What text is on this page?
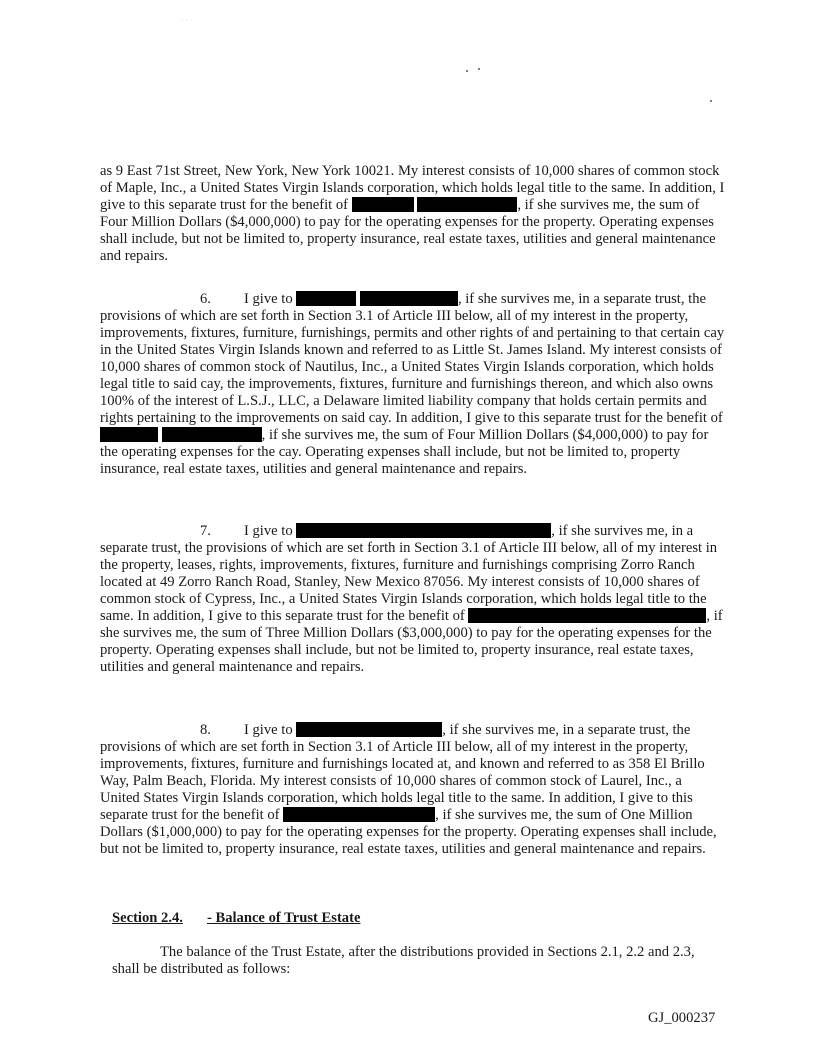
...

as 9 East 71st Street, New York, New York 10021. My interest consists of 10,000 shares of common stock of Maple, Inc., a United States Virgin Islands corporation, which holds legal title to the same. In addition, I give to this separate trust for the benefit of	, if she survives me, the sum of Four Million Dollars ($4,000,000) to pay for the operating expenses for the property. Operating expenses shall include, but not be limited to, property insurance, real estate taxes, utilities and general maintenance and repairs.

6. I give to	, if she survives me, in a separate trust, the provisions of which are set forth in Section 3.1 of Article III below, all of my interest in the property, improvements, fixtures, furniture, furnishings, permits and other rights of and pertaining to that certain cay in the United States Virgin Islands known and referred to as Little St. James Island. My interest consists of 10,000 shares of common stock of Nautilus, Inc., a United States Virgin Islands corporation, which holds legal title to said cay, the improvements, fixtures, furniture and furnishings thereon, and which also owns 100% of the interest of L.S.J., LLC, a Delaware limited liability company that holds certain permits and rights pertaining to the improvements on said cay. In addition, I give to this separate trust for the benefit of  , if she survives me, the sum of Four Million Dollars ($4,000,000) to pay for the operating expenses for the cay. Operating expenses shall include, but not be limited to, property insurance, real estate taxes, utilities and general maintenance and repairs.

7. I give to	, if she survives me, in a separate trust, the provisions of which are set forth in Section 3.1 of Article III below, all of my interest in the property, leases, rights, improvements, fixtures, furniture and furnishings comprising Zorro Ranch located at 49 Zorro Ranch Road, Stanley, New Mexico 87056. My interest consists of 10,000 shares of common stock of Cypress, Inc., a United States Virgin Islands corporation, which holds legal title to the same. In addition, I give to this separate trust for the benefit of	, if she survives me, the sum of Three Million Dollars ($3,000,000) to pay for the operating expenses for the property. Operating expenses shall include, but not be limited to, property insurance, real estate taxes, utilities and general maintenance and repairs.

8. I give to	, if she survives me, in a separate trust, the provisions of which are set forth in Section 3.1 of Article III below, all of my interest in the property, improvements, fixtures, furniture and furnishings located at, and known and referred to as 358 El Brillo Way, Palm Beach, Florida. My interest consists of 10,000 shares of common stock of Laurel, Inc., a United States Virgin Islands corporation, which holds legal title to the same. In addition, I give to this separate trust for the benefit of	, if she survives me, the sum of One Million Dollars ($1,000,000) to pay for the operating expenses for the property. Operating expenses shall include, but not be limited to, property insurance, real estate taxes, utilities and general maintenance and repairs.

Section 2.4. - Balance of Trust Estate

The balance of the Trust Estate, after the distributions provided in Sections 2.1, 2.2 and 2.3, shall be distributed as follows:

GJ_000237
